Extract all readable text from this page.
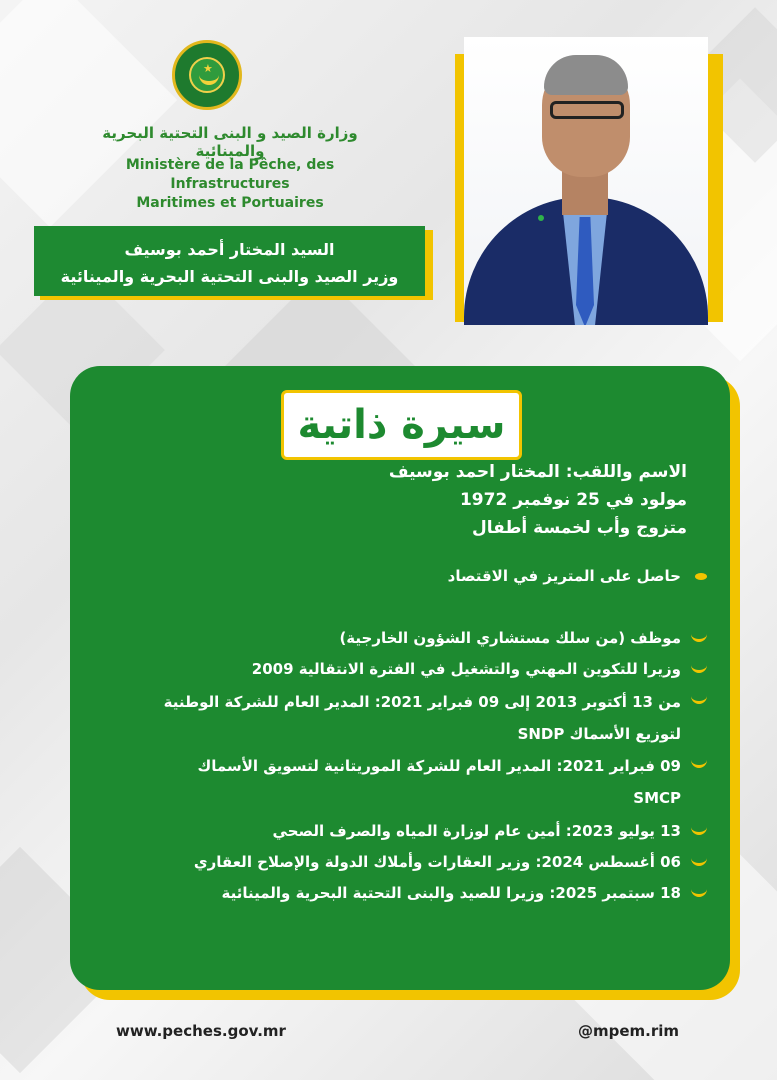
★
وزارة الصيد و البنى التحتية البحرية والمينائية
Ministère de la Pêche, des Infrastructures
Maritimes et Portuaires
السيد المختار أحمد بوسيف
وزير الصيد والبنى التحتية البحرية والمينائية
سيرة ذاتية
الاسم واللقب: المختار احمد بوسيف
مولود في 25 نوفمبر 1972
متزوج وأب لخمسة أطفال
حاصل على المتريز في الاقتصاد
موظف (من سلك مستشاري الشؤون الخارجية)
وزيرا للتكوين المهني والتشغيل في الفترة الانتقالية 2009
من 13 أكتوبر 2013 إلى 09 فبراير 2021: المدير العام للشركة الوطنية
لتوزيع الأسماك SNDP
09 فبراير 2021: المدير العام للشركة الموريتانية لتسويق الأسماك
SMCP
13 يوليو 2023: أمين عام لوزارة المياه والصرف الصحي
06 أغسطس 2024: وزير العقارات وأملاك الدولة والإصلاح العقاري
18 سبتمبر 2025: وزيرا للصيد والبنى التحتية البحرية والمينائية
www.peches.gov.mr	@mpem.rim
